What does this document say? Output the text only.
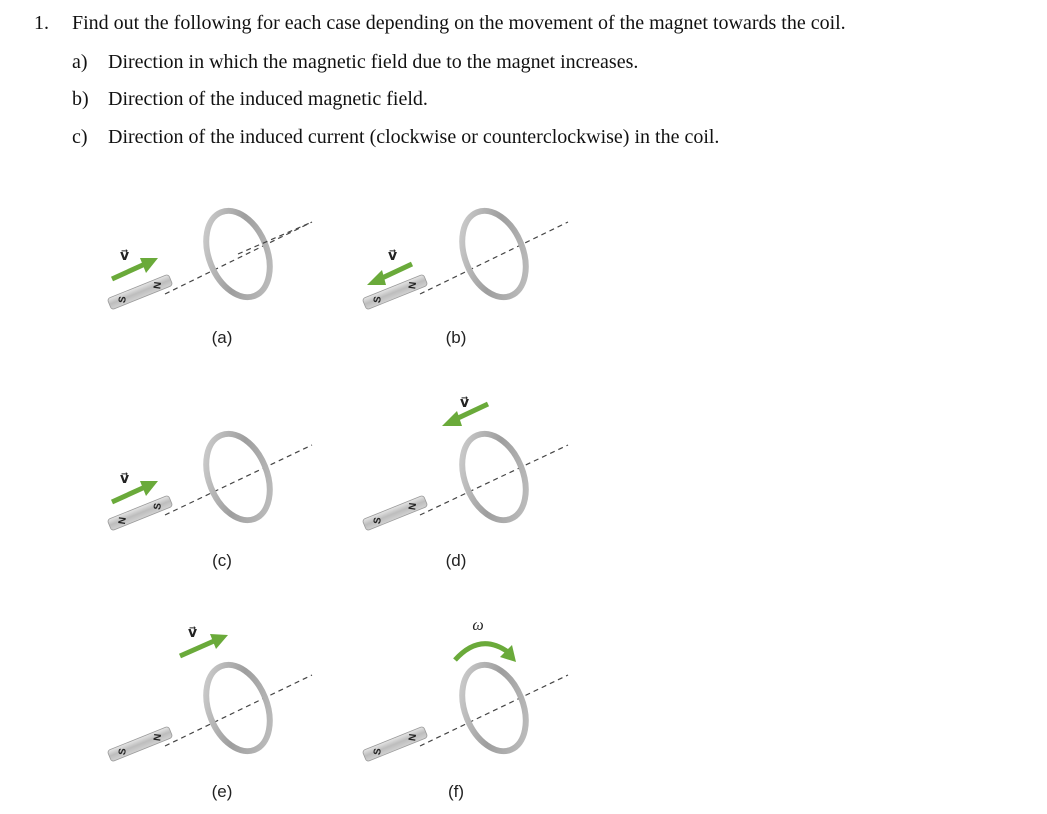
1. Find out the following for each case depending on the movement of the magnet towards the coil.
a) Direction in which the magnetic field due to the magnet increases.
b) Direction of the induced magnetic field.
c) Direction of the induced current (clockwise or counterclockwise) in the coil.
S
N
v⃗
(a)
S
N
v⃗
(b)
N
S
v⃗
(c)
S
N
v⃗
(d)
S
N
v⃗
(e)
S
N
ω
(f)
